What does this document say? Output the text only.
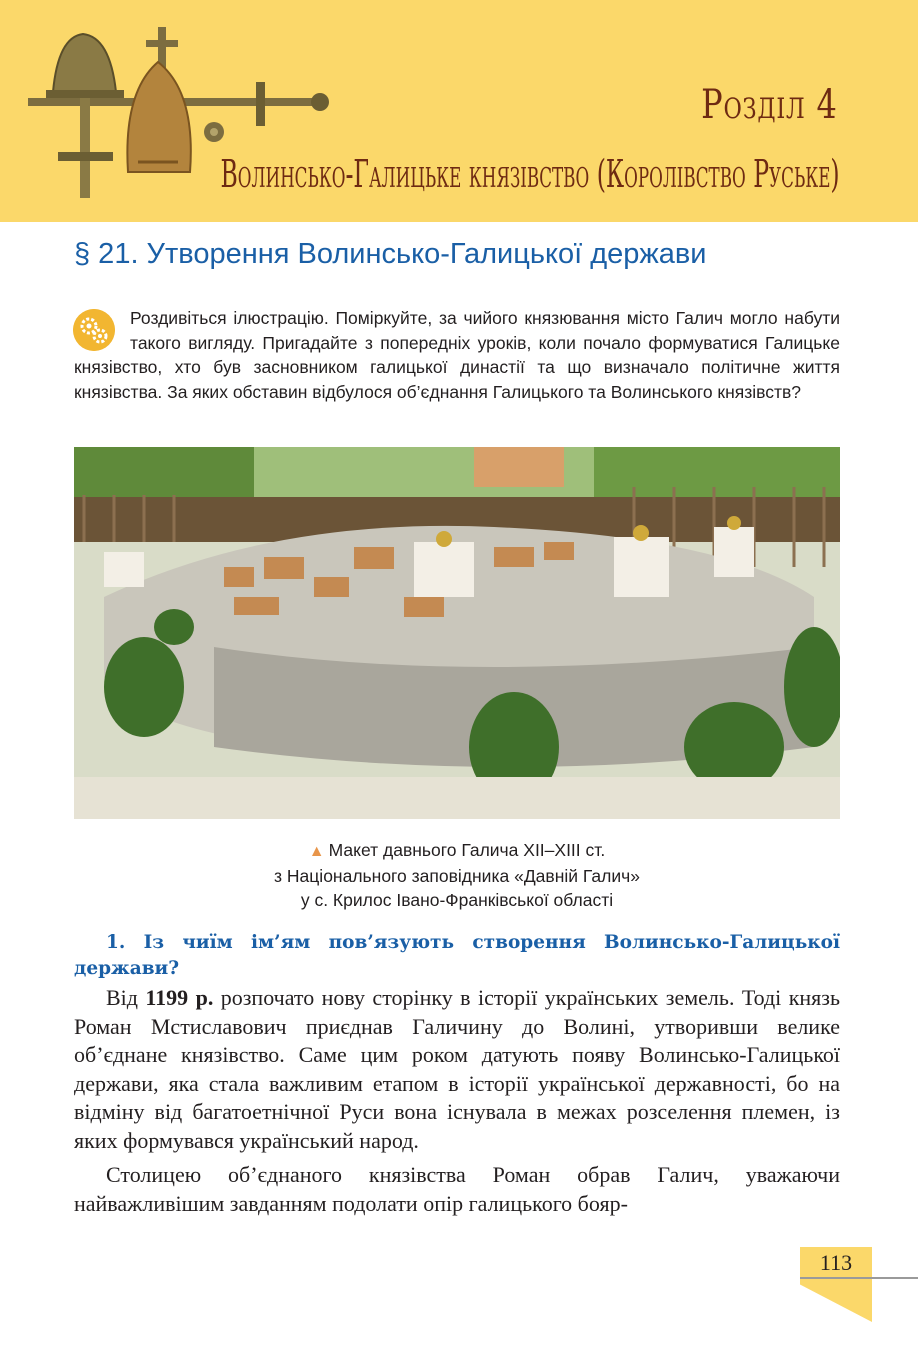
Розділ 4
Волинсько-Галицьке князівство (Королівство Руське)
§ 21. Утворення Волинсько-Галицької держави
Роздивіться ілюстрацію. Поміркуйте, за чийого князювання місто Галич могло набути такого вигляду. Пригадайте з попередніх уроків, коли почало формуватися Галицьке князівство, хто був засновником галицької династії та що визначало політичне життя князівства. За яких обставин відбулося об’єднання Галицького та Волинського князівств?
▲ Макет давнього Галича XII–XIII ст.
з Національного заповідника «Давній Галич»
у с. Крилос Івано-Франківської області
1. Із чиїм ім’ям пов’язують створення Волинсько-Галицької держави?

Від 1199 р. розпочато нову сторінку в історії українських земель. Тоді князь Роман Мстиславович приєднав Галичину до Волині, утворивши велике об’єднане князівство. Саме цим роком датують появу Волинсько-Галицької держави, яка стала важливим етапом в історії української державності, бо на відміну від багатоетнічної Руси вона існувала в межах розселення племен, із яких формувався український народ.

Столицею об’єднаного князівства Роман обрав Галич, уважаючи найважливішим завданням подолати опір галицького бояр-

113
